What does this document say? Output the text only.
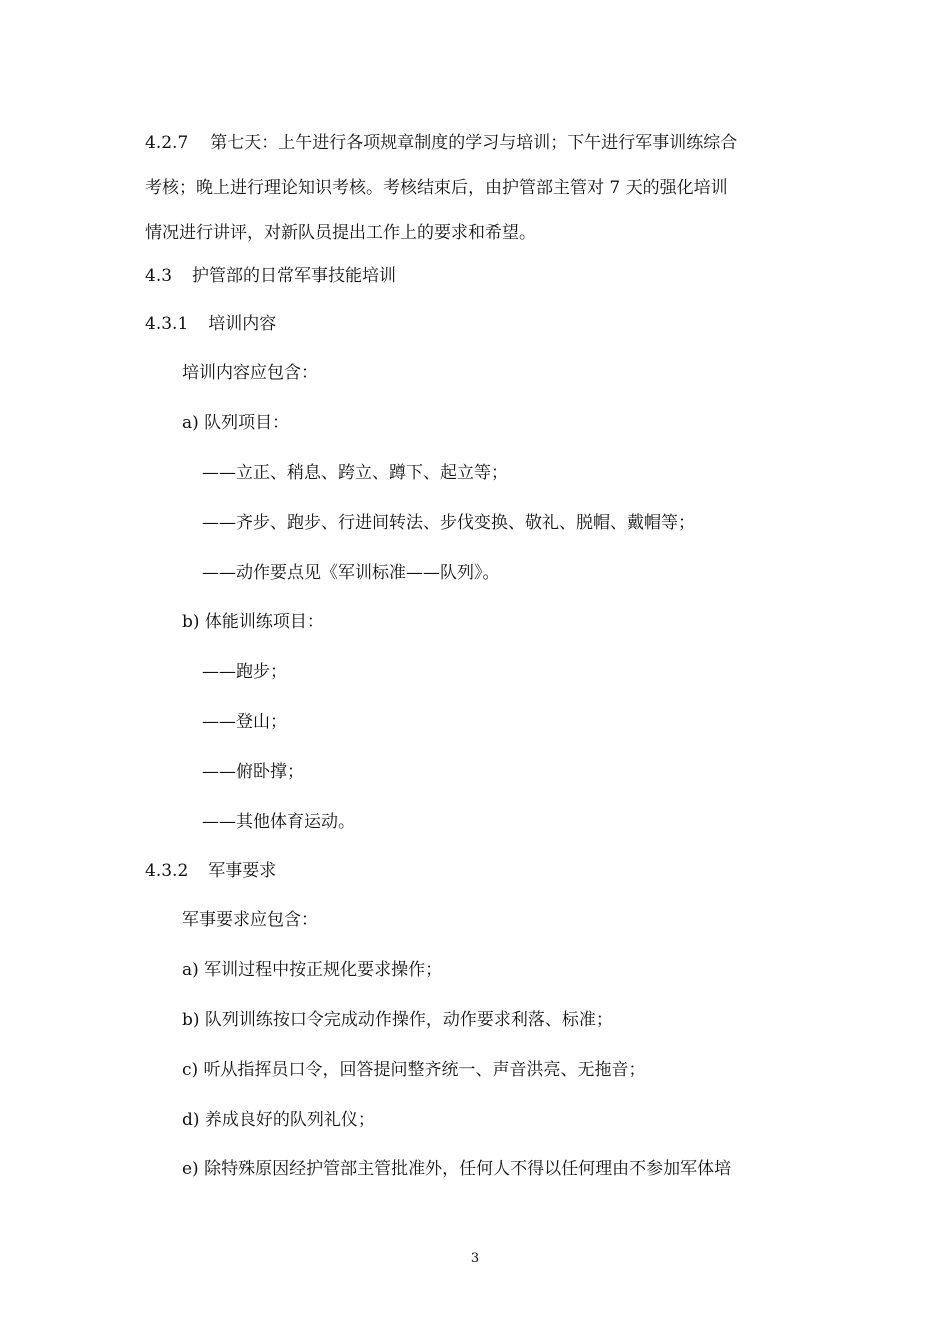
4.2.7 第七天：上午进行各项规章制度的学习与培训；下午进行军事训练综合
考核；晚上进行理论知识考核。考核结束后，由护管部主管对 7 天的强化培训
情况进行讲评，对新队员提出工作上的要求和希望。
4.3 护管部的日常军事技能培训
4.3.1 培训内容
培训内容应包含：
a) 队列项目：
——立正、稍息、跨立、蹲下、起立等；
——齐步、跑步、行进间转法、步伐变换、敬礼、脱帽、戴帽等；
——动作要点见《军训标准——队列》。
b) 体能训练项目：
——跑步；
——登山；
——俯卧撑；
——其他体育运动。
4.3.2 军事要求
军事要求应包含：
a) 军训过程中按正规化要求操作；
b) 队列训练按口令完成动作操作，动作要求利落、标准；
c) 听从指挥员口令，回答提问整齐统一、声音洪亮、无拖音；
d) 养成良好的队列礼仪；
e) 除特殊原因经护管部主管批准外，任何人不得以任何理由不参加军体培
3
